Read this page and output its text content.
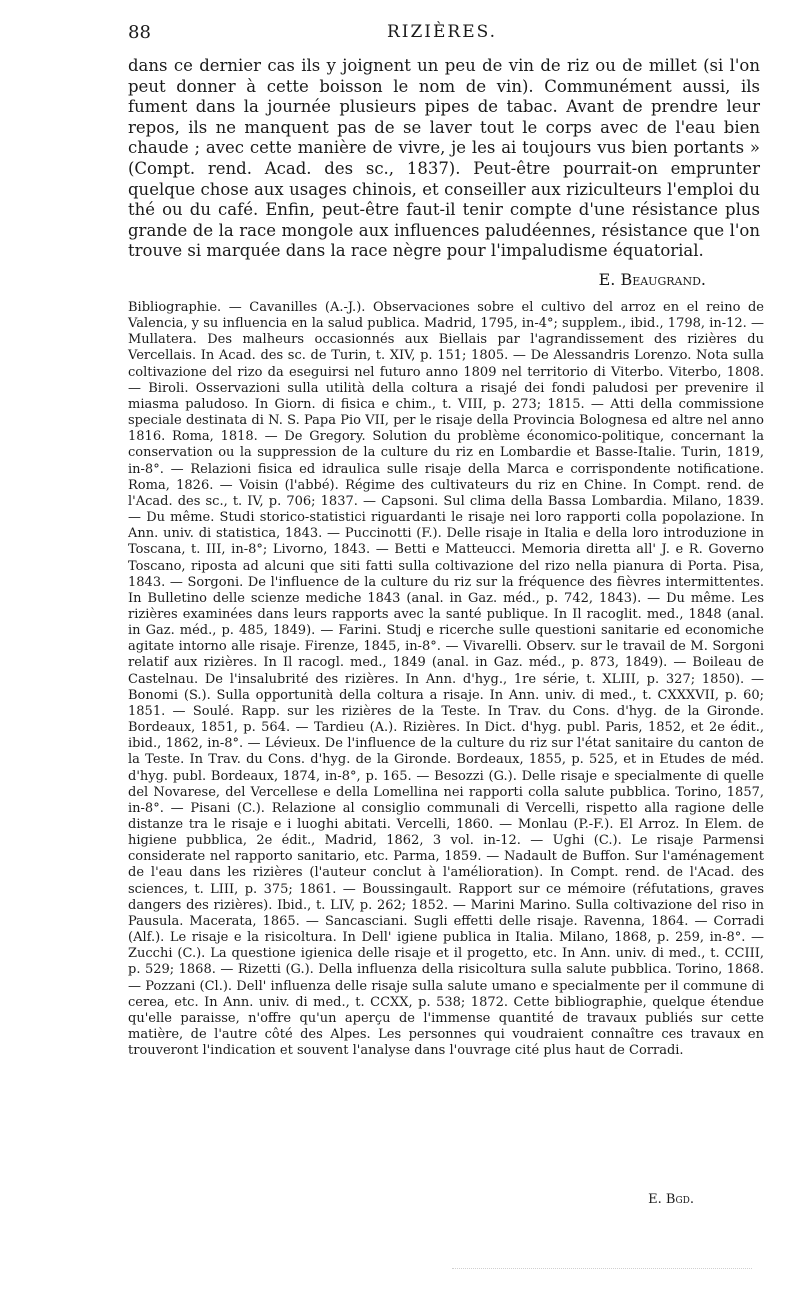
88	RIZIÈRES.

dans ce dernier cas ils y joignent un peu de vin de riz ou de millet (si l'on peut donner à cette boisson le nom de vin). Communément aussi, ils fument dans la journée plusieurs pipes de tabac. Avant de prendre leur repos, ils ne manquent pas de se laver tout le corps avec de l'eau bien chaude ; avec cette manière de vivre, je les ai toujours vus bien portants » (Compt. rend. Acad. des sc., 1837). Peut-être pourrait-on emprunter quelque chose aux usages chinois, et conseiller aux riziculteurs l'emploi du thé ou du café. Enfin, peut-être faut-il tenir compte d'une résistance plus grande de la race mongole aux influences paludéennes, résistance que l'on trouve si marquée dans la race nègre pour l'impaludisme équatorial.

E. Beaugrand.

Bibliographie. — Cavanilles (A.-J.). Observaciones sobre el cultivo del arroz en el reino de Valencia, y su influencia en la salud publica. Madrid, 1795, in-4°; supplem., ibid., 1798, in-12. — Mullatera. Des malheurs occasionnés aux Biellais par l'agrandissement des rizières du Vercellais. In Acad. des sc. de Turin, t. XIV, p. 151; 1805. — De Alessandris Lorenzo. Nota sulla coltivazione del rizo da eseguirsi nel futuro anno 1809 nel territorio di Viterbo. Viterbo, 1808. — Biroli. Osservazioni sulla utilità della coltura a risajé dei fondi paludosi per prevenire il miasma paludoso. In Giorn. di fisica e chim., t. VIII, p. 273; 1815. — Atti della commissione speciale destinata di N. S. Papa Pio VII, per le risaje della Provincia Bolognesa ed altre nel anno 1816. Roma, 1818. — De Gregory. Solution du problème économico-politique, concernant la conservation ou la suppression de la culture du riz en Lombardie et Basse-Italie. Turin, 1819, in-8°. — Relazioni fisica ed idraulica sulle risaje della Marca e corrispondente notificatione. Roma, 1826. — Voisin (l'abbé). Régime des cultivateurs du riz en Chine. In Compt. rend. de l'Acad. des sc., t. IV, p. 706; 1837. — Capsoni. Sul clima della Bassa Lombardia. Milano, 1839. — Du même. Studi storico-statistici riguardanti le risaje nei loro rapporti colla popolazione. In Ann. univ. di statistica, 1843. — Puccinotti (F.). Delle risaje in Italia e della loro introduzione in Toscana, t. III, in-8°; Livorno, 1843. — Betti e Matteucci. Memoria diretta all' J. e R. Governo Toscano, riposta ad alcuni que siti fatti sulla coltivazione del rizo nella pianura di Porta. Pisa, 1843. — Sorgoni. De l'influence de la culture du riz sur la fréquence des fièvres intermittentes. In Bulletino delle scienze mediche 1843 (anal. in Gaz. méd., p. 742, 1843). — Du même. Les rizières examinées dans leurs rapports avec la santé publique. In Il racoglit. med., 1848 (anal. in Gaz. méd., p. 485, 1849). — Farini. Studj e ricerche sulle questioni sanitarie ed economiche agitate intorno alle risaje. Firenze, 1845, in-8°. — Vivarelli. Observ. sur le travail de M. Sorgoni relatif aux rizières. In Il racogl. med., 1849 (anal. in Gaz. méd., p. 873, 1849). — Boileau de Castelnau. De l'insalubrité des rizières. In Ann. d'hyg., 1re série, t. XLIII, p. 327; 1850). — Bonomi (S.). Sulla opportunità della coltura a risaje. In Ann. univ. di med., t. CXXXVII, p. 60; 1851. — Soulé. Rapp. sur les rizières de la Teste. In Trav. du Cons. d'hyg. de la Gironde. Bordeaux, 1851, p. 564. — Tardieu (A.). Rizières. In Dict. d'hyg. publ. Paris, 1852, et 2e édit., ibid., 1862, in-8°. — Lévieux. De l'influence de la culture du riz sur l'état sanitaire du canton de la Teste. In Trav. du Cons. d'hyg. de la Gironde. Bordeaux, 1855, p. 525, et in Etudes de méd. d'hyg. publ. Bordeaux, 1874, in-8°, p. 165. — Besozzi (G.). Delle risaje e specialmente di quelle del Novarese, del Vercellese e della Lomellina nei rapporti colla salute pubblica. Torino, 1857, in-8°. — Pisani (C.). Relazione al consiglio communali di Vercelli, rispetto alla ragione delle distanze tra le risaje e i luoghi abitati. Vercelli, 1860. — Monlau (P.-F.). El Arroz. In Elem. de higiene pubblica, 2e édit., Madrid, 1862, 3 vol. in-12. — Ughi (C.). Le risaje Parmensi considerate nel rapporto sanitario, etc. Parma, 1859. — Nadault de Buffon. Sur l'aménagement de l'eau dans les rizières (l'auteur conclut à l'amélioration). In Compt. rend. de l'Acad. des sciences, t. LIII, p. 375; 1861. — Boussingault. Rapport sur ce mémoire (réfutations, graves dangers des rizières). Ibid., t. LIV, p. 262; 1852. — Marini Marino. Sulla coltivazione del riso in Pausula. Macerata, 1865. — Sancasciani. Sugli effetti delle risaje. Ravenna, 1864. — Corradi (Alf.). Le risaje e la risicoltura. In Dell' igiene publica in Italia. Milano, 1868, p. 259, in-8°. — Zucchi (C.). La questione igienica delle risaje et il progetto, etc. In Ann. univ. di med., t. CCIII, p. 529; 1868. — Rizetti (G.). Della influenza della risicoltura sulla salute pubblica. Torino, 1868. — Pozzani (Cl.). Dell' influenza delle risaje sulla salute umano e specialmente per il commune di cerea, etc. In Ann. univ. di med., t. CCXX, p. 538; 1872. Cette bibliographie, quelque étendue qu'elle paraisse, n'offre qu'un aperçu de l'immense quantité de travaux publiés sur cette matière, de l'autre côté des Alpes. Les personnes qui voudraient connaître ces travaux en trouveront l'indication et souvent l'analyse dans l'ouvrage cité plus haut de Corradi.

E. Bgd.
